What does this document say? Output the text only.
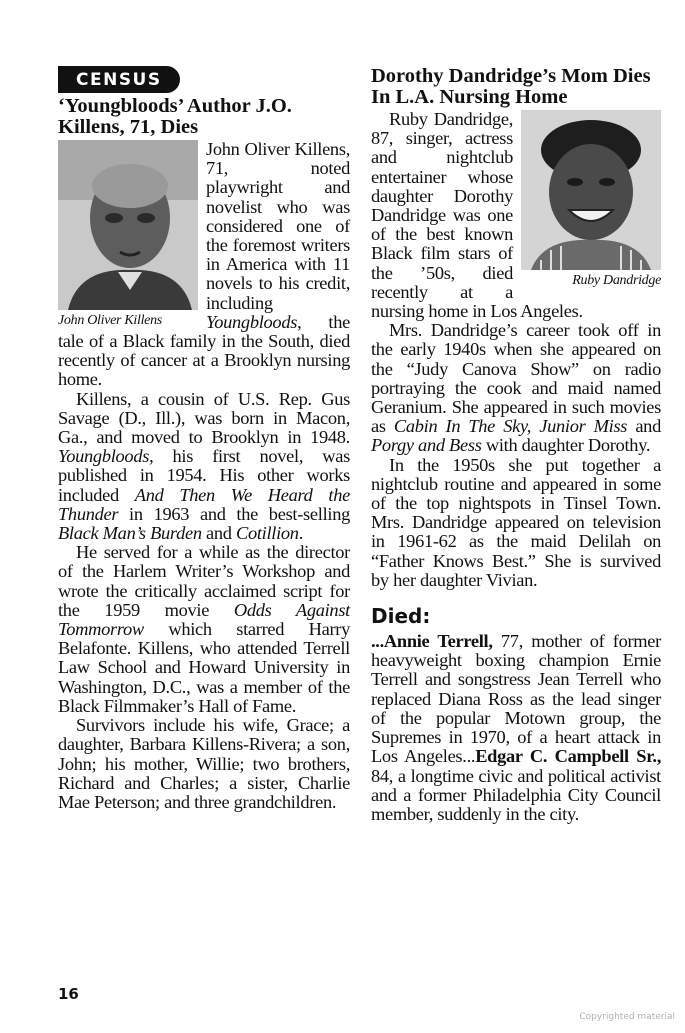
CENSUS
‘Youngbloods’ Author J.O. Killens, 71, Dies
John Oliver Killens

John Oliver Killens, 71, noted playwright and novelist who was considered one of the foremost writers in America with 11 novels to his credit, including Youngbloods, the tale of a Black family in the South, died recently of cancer at a Brooklyn nursing home.

Killens, a cousin of U.S. Rep. Gus Savage (D., Ill.), was born in Macon, Ga., and moved to Brooklyn in 1948. Youngbloods, his first novel, was published in 1954. His other works included And Then We Heard the Thunder in 1963 and the best-selling Black Man’s Burden and Cotillion.

He served for a while as the director of the Harlem Writer’s Workshop and wrote the critically acclaimed script for the 1959 movie Odds Against Tommorrow which starred Harry Belafonte. Killens, who attended Terrell Law School and Howard University in Washington, D.C., was a member of the Black Filmmaker’s Hall of Fame.

Survivors include his wife, Grace; a daughter, Barbara Killens-Rivera; a son, John; his mother, Willie; two brothers, Richard and Charles; a sister, Charlie Mae Peterson; and three grandchildren.

Dorothy Dandridge’s Mom Dies In L.A. Nursing Home
Ruby Dandridge

Ruby Dandridge, 87, singer, actress and nightclub entertainer whose daughter Dorothy Dandridge was one of the best known Black film stars of the ’50s, died recently at a nursing home in Los Angeles.

Mrs. Dandridge’s career took off in the early 1940s when she appeared on the “Judy Canova Show” on radio portraying the cook and maid named Geranium. She appeared in such movies as Cabin In The Sky, Junior Miss and Porgy and Bess with daughter Dorothy.

In the 1950s she put together a nightclub routine and appeared in some of the top nightspots in Tinsel Town. Mrs. Dandridge appeared on television in 1961-62 as the maid Delilah on “Father Knows Best.” She is survived by her daughter Vivian.

Died:

...Annie Terrell, 77, mother of former heavyweight boxing champion Ernie Terrell and songstress Jean Terrell who replaced Diana Ross as the lead singer of the popular Motown group, the Supremes in 1970, of a heart attack in Los Angeles...Edgar C. Campbell Sr., 84, a longtime civic and political activist and a former Philadelphia City Council member, suddenly in the city.

16
Copyrighted material
